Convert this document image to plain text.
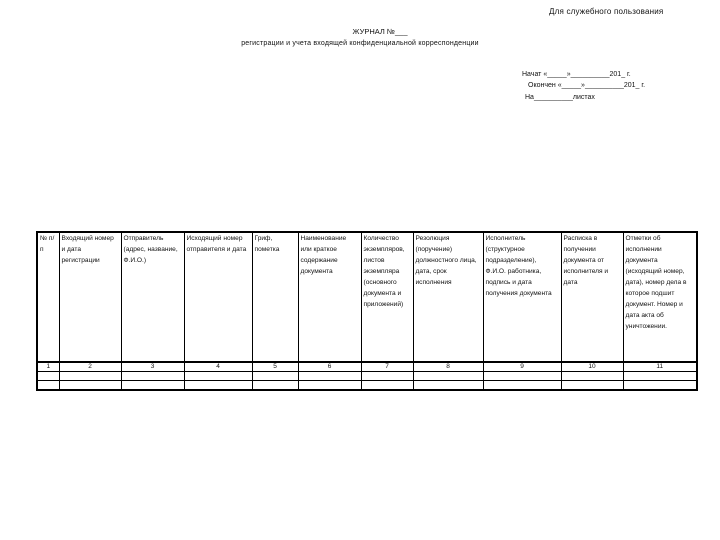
Для служебного пользования
ЖУРНАЛ №___
регистрации и учета входящей конфиденциальной корреспонденции
Начат «_____»__________201_ г.
Окончен «_____»__________201_ г.
На__________листах
№ п/п	Входящий номер и дата регистрации	Отправитель (адрес, название, Ф.И.О.)	Исходящий номер отправителя и дата	Гриф, пометка	Наименование или краткое содержание документа	Количество экземпляров, листов экземпляра (основного документа и приложений)	Резолюция (поручение) должностного лица, дата, срок исполнения	Исполнитель (структурное подразделение), Ф.И.О. работника, подпись и дата получения документа	Расписка в получении документа от исполнителя и дата	Отметки об исполнении документа (исходящий номер, дата), номер дела в которое подшит документ. Номер и дата акта об уничтожении.
1	2	3	4	5	6	7	8	9	10	11
